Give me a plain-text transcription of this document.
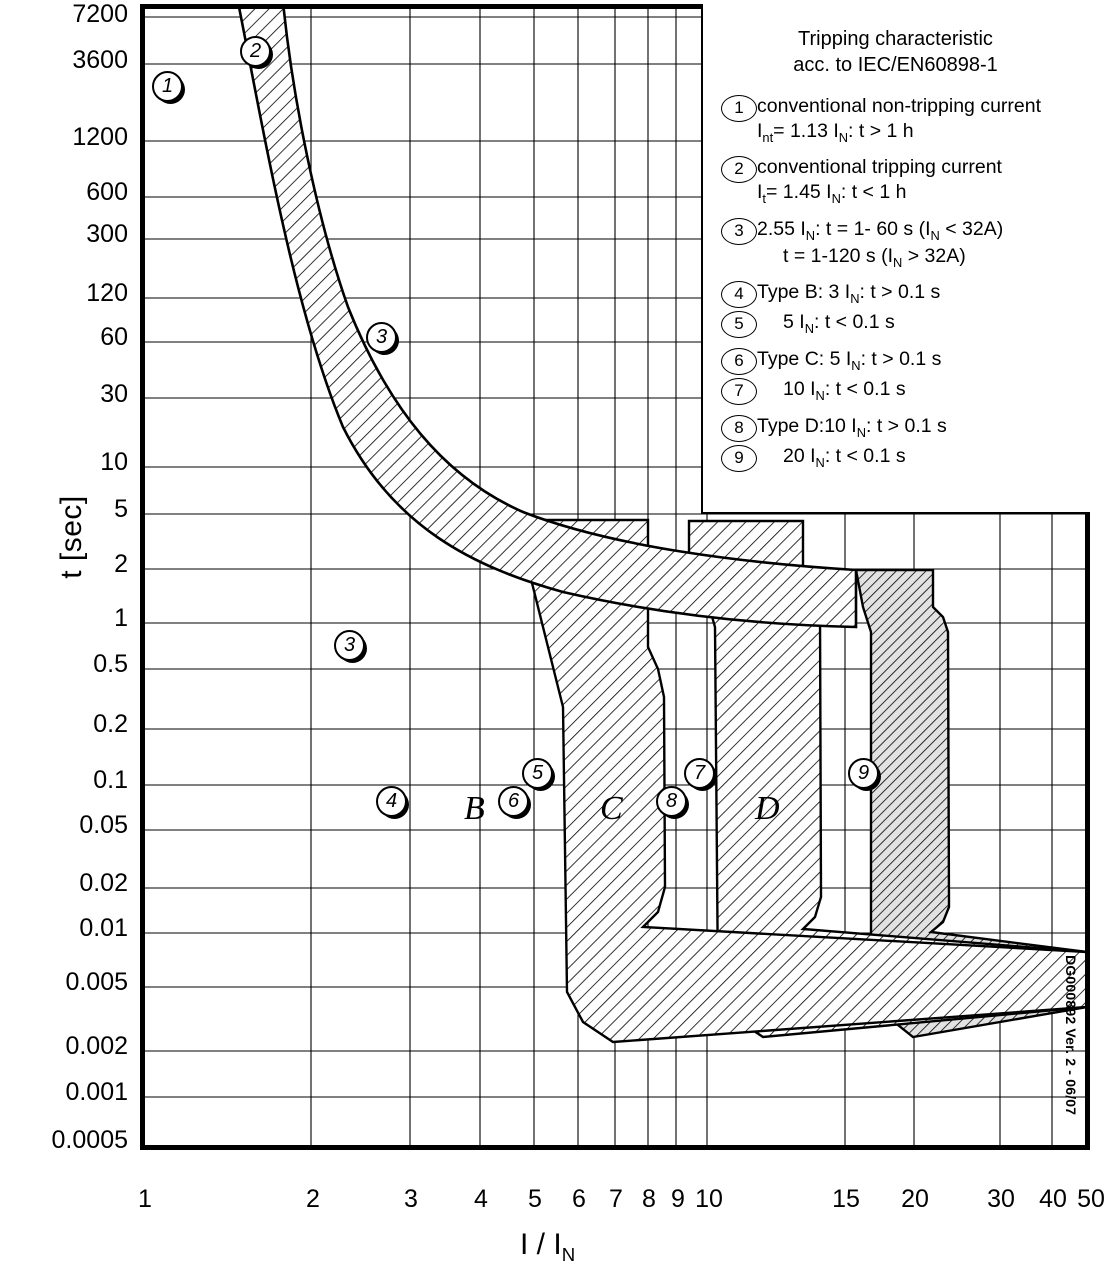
t [sec]
7200
3600
1200
600
300
120
60
30
10
5
2
1
0.5
0.2
0.1
0.05
0.02
0.01
0.005
0.002
0.001
0.0005
1	2	3	4	5	6 7 8 9 10	15	20	30 40 50
I / $I_N$
Tripping characteristic
acc. to IEC/EN60898-1
1 conventional non-tripping current
$I_{nt}= 1.13$ $I_N$: t > 1 h
2 conventional tripping current
$I_t= 1.45$ $I_N$: t < 1 h
3 2.55 $I_N$: t = 1- 60 s $(I_N < 32A)$
t = 1-120 s $(I_N > 32A)$
4 Type B: 3 $I_N$: t > 0.1 s
5	5 $I_N$: t < 0.1 s
6 Type C: 5 $I_N$: t > 0.1 s
7	10 $I_N$: t < 0.1 s
8 Type D:10 $I_N$: t > 0.1 s
9	20 $I_N$: t < 0.1 s
1
2
3
3
4
5
6
7
8
9
B	C	D
DG000892 Ver. 2 - 06/07
